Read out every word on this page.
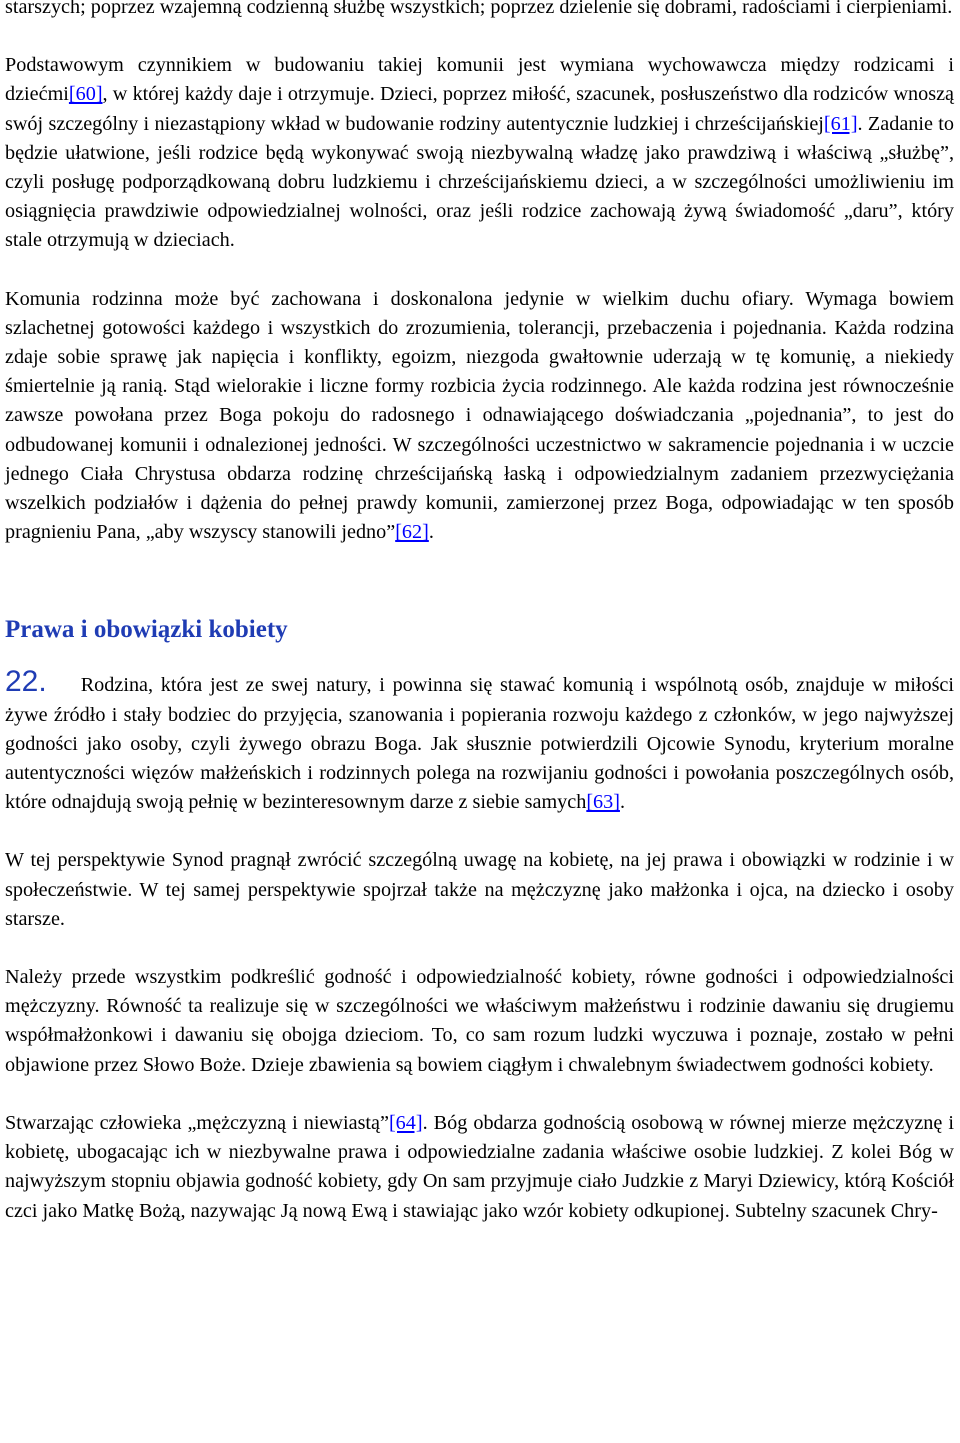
starszych; poprzez wzajemną codzienną służbę wszystkich; poprzez dzielenie się dobrami, radościami i cierpieniami.

Podstawowym czynnikiem w budowaniu takiej komunii jest wymiana wychowawcza między rodzicami i dziećmi[60], w której każdy daje i otrzymuje. Dzieci, poprzez miłość, szacunek, posłuszeństwo dla rodziców wnoszą swój szczególny i niezastąpiony wkład w budowanie rodziny autentycznie ludzkiej i chrześcijańskiej[61]. Zadanie to będzie ułatwione, jeśli rodzice będą wykonywać swoją niezbywalną władzę jako prawdziwą i właściwą „służbę”, czyli posługę podporządkowaną dobru ludzkiemu i chrześcijańskiemu dzieci, a w szczególności umożliwieniu im osiągnięcia prawdziwie odpowiedzialnej wolności, oraz jeśli rodzice zachowają żywą świadomość „daru”, który stale otrzymują w dzieciach.

Komunia rodzinna może być zachowana i doskonalona jedynie w wielkim duchu ofiary. Wymaga bowiem szlachetnej gotowości każdego i wszystkich do zrozumienia, tolerancji, przebaczenia i pojednania. Każda rodzina zdaje sobie sprawę jak napięcia i konflikty, egoizm, niezgoda gwałtownie uderzają w tę komunię, a niekiedy śmiertelnie ją ranią. Stąd wielorakie i liczne formy rozbicia życia rodzinnego. Ale każda rodzina jest równocześnie zawsze powołana przez Boga pokoju do radosnego i odnawiającego doświadczania „pojednania”, to jest do odbudowanej komunii i odnalezionej jedności. W szczególności uczestnictwo w sakramencie pojednania i w uczcie jednego Ciała Chrystusa obdarza rodzinę chrześcijańską łaską i odpowiedzialnym zadaniem przezwyciężania wszelkich podziałów i dążenia do pełnej prawdy komunii, zamierzonej przez Boga, odpowiadając w ten sposób pragnieniu Pana, „aby wszyscy stanowili jedno”[62].

Prawa i obowiązki kobiety

22. Rodzina, która jest ze swej natury, i powinna się stawać komunią i wspólnotą osób, znajduje w miłości żywe źródło i stały bodziec do przyjęcia, szanowania i popierania rozwoju każdego z członków, w jego najwyższej godności jako osoby, czyli żywego obrazu Boga. Jak słusznie potwierdzili Ojcowie Synodu, kryterium moralne autentyczności więzów małżeńskich i rodzinnych polega na rozwijaniu godności i powołania poszczególnych osób, które odnajdują swoją pełnię w bezinteresownym darze z siebie samych[63].

W tej perspektywie Synod pragnął zwrócić szczególną uwagę na kobietę, na jej prawa i obowiązki w rodzinie i w społeczeństwie. W tej samej perspektywie spojrzał także na mężczyznę jako małżonka i ojca, na dziecko i osoby starsze.

Należy przede wszystkim podkreślić godność i odpowiedzialność kobiety, równe godności i odpowiedzialności mężczyzny. Równość ta realizuje się w szczególności we właściwym małżeństwu i rodzinie dawaniu się drugiemu współmałżonkowi i dawaniu się obojga dzieciom. To, co sam rozum ludzki wyczuwa i poznaje, zostało w pełni objawione przez Słowo Boże. Dzieje zbawienia są bowiem ciągłym i chwalebnym świadectwem godności kobiety.

Stwarzając człowieka „mężczyzną i niewiastą”[64]. Bóg obdarza godnością osobową w równej mierze mężczyznę i kobietę, ubogacając ich w niezbywalne prawa i odpowiedzialne zadania właściwe osobie ludzkiej. Z kolei Bóg w najwyższym stopniu objawia godność kobiety, gdy On sam przyjmuje ciało Judzkie z Maryi Dziewicy, którą Kościół czci jako Matkę Bożą, nazywając Ją nową Ewą i stawiając jako wzór kobiety odkupionej. Subtelny szacunek Chry-
